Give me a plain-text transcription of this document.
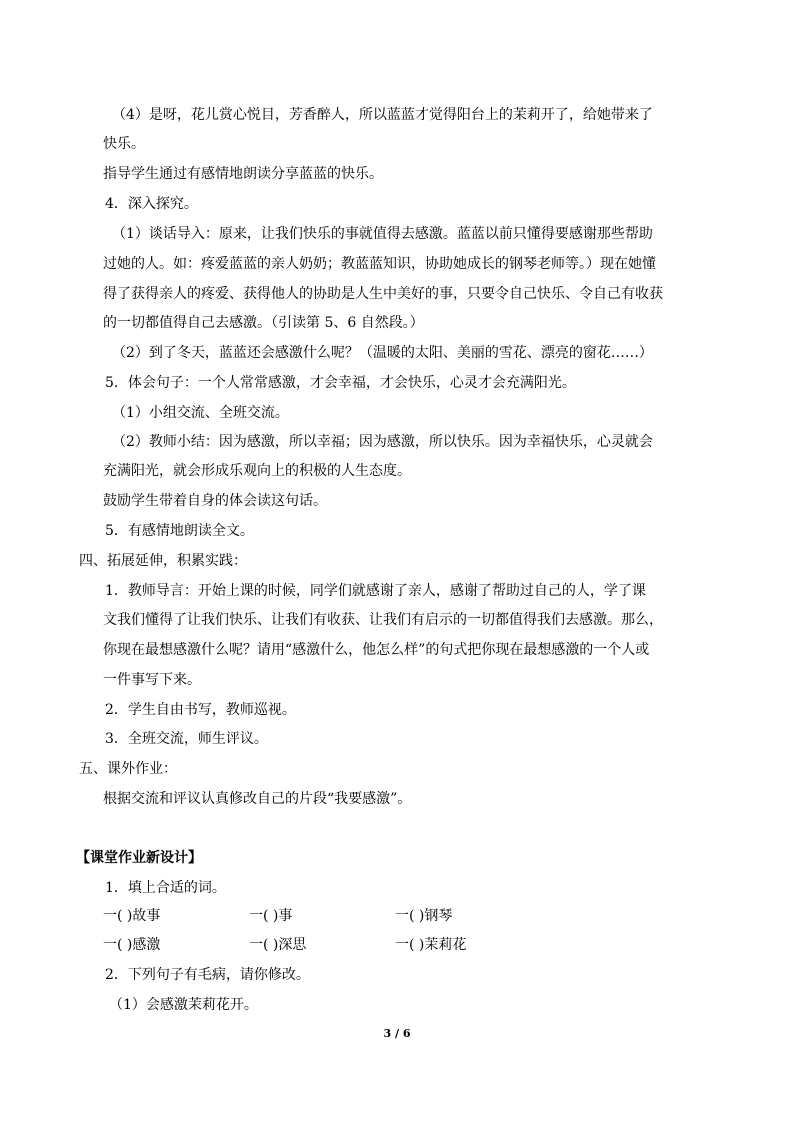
（4）是呀，花儿赏心悦目，芳香醉人，所以蓝蓝才觉得阳台上的茉莉开了，给她带来了
快乐。
指导学生通过有感情地朗读分享蓝蓝的快乐。
4．深入探究。
（1）谈话导入：原来，让我们快乐的事就值得去感激。蓝蓝以前只懂得要感谢那些帮助
过她的人。如：疼爱蓝蓝的亲人奶奶；教蓝蓝知识，协助她成长的钢琴老师等。）现在她懂
得了获得亲人的疼爱、获得他人的协助是人生中美好的事，只要令自己快乐、令自己有收获
的一切都值得自己去感激。（引读第 5、6 自然段。）
（2）到了冬天，蓝蓝还会感激什么呢？（温暖的太阳、美丽的雪花、漂亮的窗花……）
5．体会句子：一个人常常感激，才会幸福，才会快乐，心灵才会充满阳光。
（1）小组交流、全班交流。
（2）教师小结：因为感激，所以幸福；因为感激，所以快乐。因为幸福快乐，心灵就会
充满阳光，就会形成乐观向上的积极的人生态度。
鼓励学生带着自身的体会读这句话。
5．有感情地朗读全文。
四、拓展延伸，积累实践：
1．教师导言：开始上课的时候，同学们就感谢了亲人，感谢了帮助过自己的人，学了课
文我们懂得了让我们快乐、让我们有收获、让我们有启示的一切都值得我们去感激。那么，
你现在最想感激什么呢？请用“感激什么，他怎么样”的句式把你现在最想感激的一个人或
一件事写下来。
2．学生自由书写，教师巡视。
3．全班交流，师生评议。
五、课外作业：
根据交流和评议认真修改自己的片段“我要感激”。
【课堂作业新设计】
1．填上合适的词。
一( )故事	一( )事	一( )钢琴
一( )感激	一( )深思	一( )茉莉花
2．下列句子有毛病，请你修改。
（1）会感激茉莉花开。
3 / 6
